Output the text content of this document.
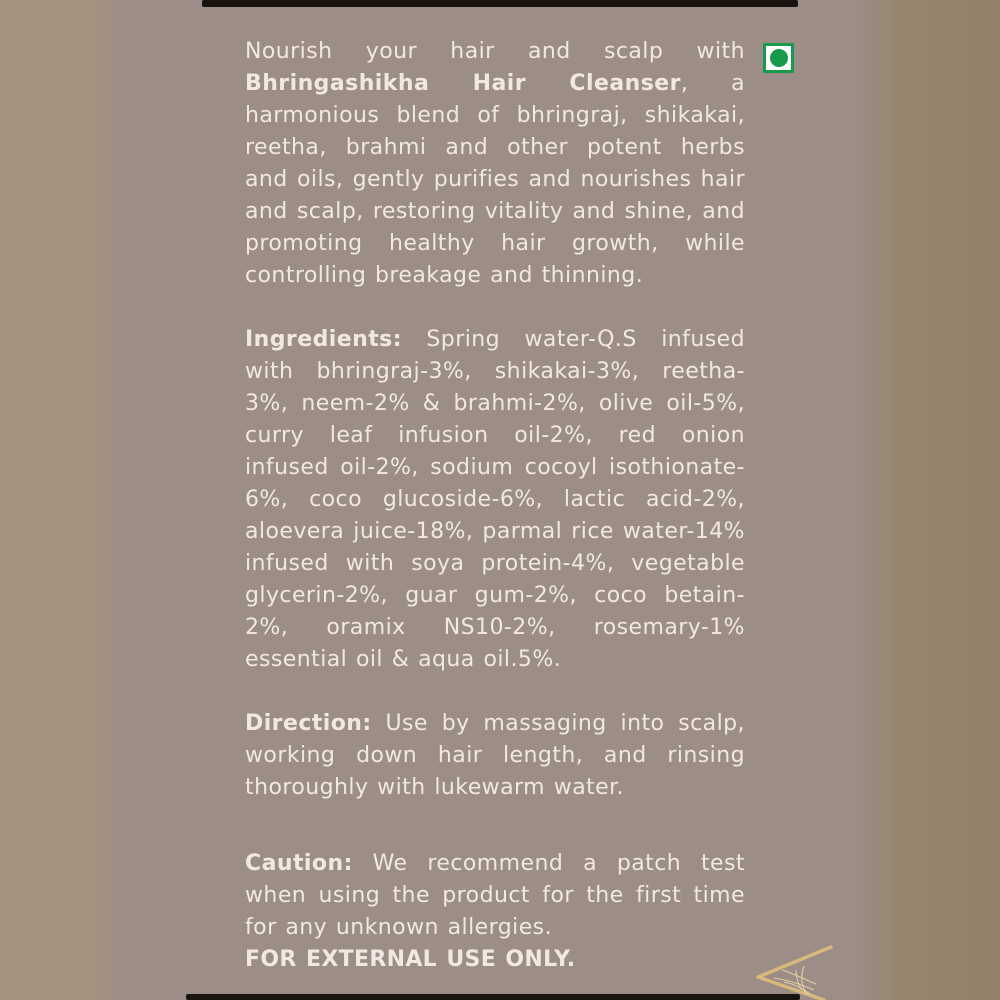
Nourish your hair and scalp with Bhringashikha Hair Cleanser, a harmonious blend of bhringraj, shikakai, reetha, brahmi and other potent herbs and oils, gently purifies and nourishes hair and scalp, restoring vitality and shine, and promoting healthy hair growth, while controlling breakage and thinning.

Ingredients: Spring water-Q.S infused with bhringraj-3%, shikakai-3%, reetha-3%, neem-2% & brahmi-2%, olive oil-5%, curry leaf infusion oil-2%, red onion infused oil-2%, sodium cocoyl isothionate-6%, coco glucoside-6%, lactic acid-2%, aloevera juice-18%, parmal rice water-14% infused with soya protein-4%, vegetable glycerin-2%, guar gum-2%, coco betain-2%, oramix NS10-2%, rosemary-1% essential oil & aqua oil.5%.

Direction: Use by massaging into scalp, working down hair length, and rinsing thoroughly with lukewarm water.

Caution: We recommend a patch test when using the product for the first time for any unknown allergies.

FOR EXTERNAL USE ONLY.
